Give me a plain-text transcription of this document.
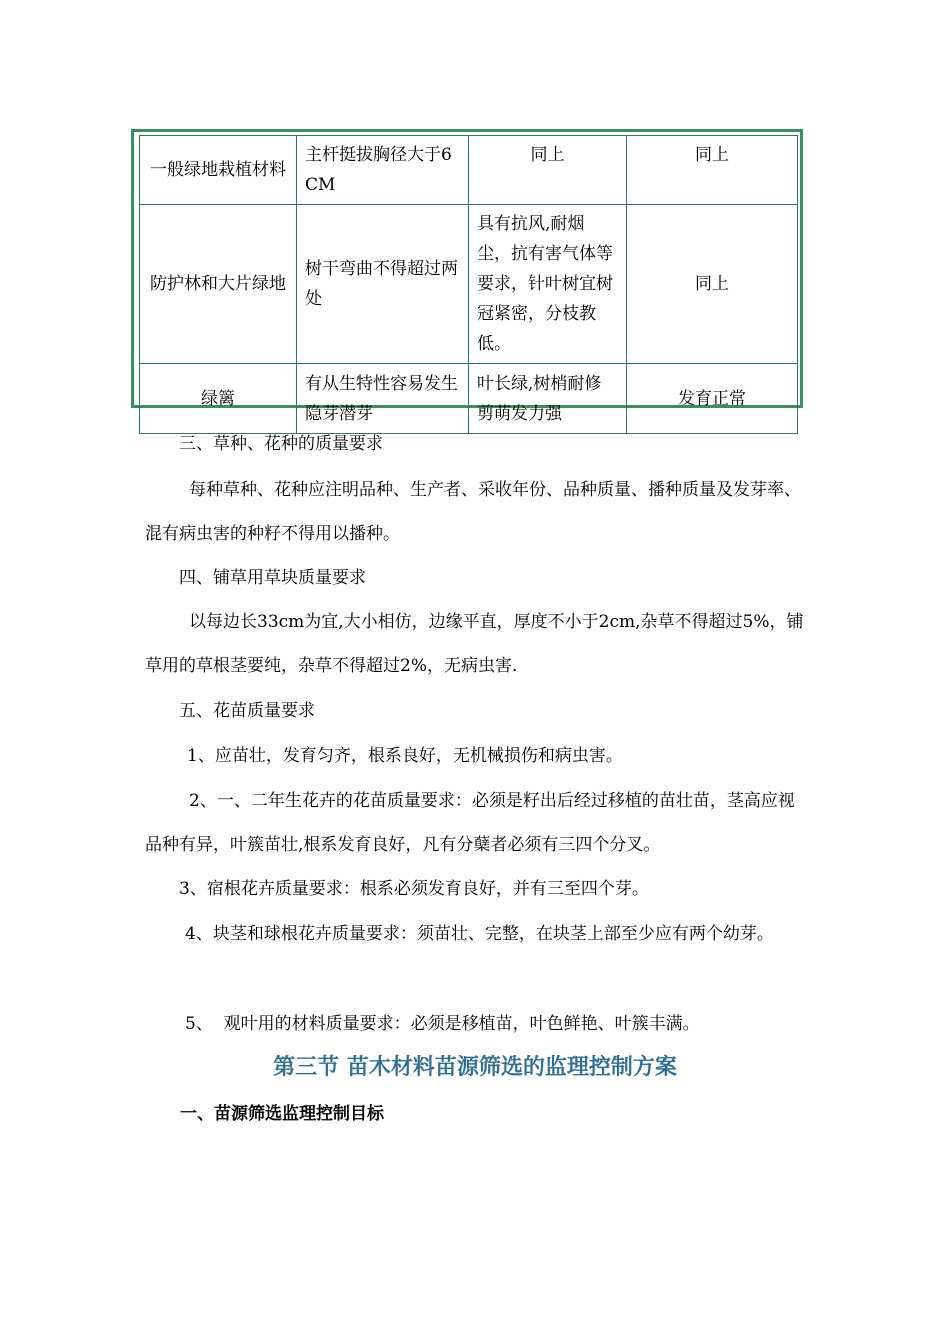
一般绿地栽植材料	主杆挺拔胸径大于6CM	同上	同上
防护林和大片绿地	树干弯曲不得超过两处	具有抗风,耐烟尘，抗有害气体等要求，针叶树宜树冠紧密，分枝教低。	同上
绿篱	有从生特性容易发生隐芽潜芽	叶长绿,树梢耐修剪萌发力强	发育正常

三、草种、花种的质量要求

每种草种、花种应注明品种、生产者、采收年份、品种质量、播种质量及发芽率、混有病虫害的种籽不得用以播种。

四、铺草用草块质量要求

以每边长33cm为宜,大小相仿，边缘平直，厚度不小于2cm,杂草不得超过5%，铺草用的草根茎要纯，杂草不得超过2%，无病虫害.

五、花苗质量要求

1、应苗壮，发育匀齐，根系良好，无机械损伤和病虫害。

2、一、二年生花卉的花苗质量要求：必须是籽出后经过移植的苗壮苗，茎高应视品种有异，叶簇苗壮,根系发育良好，凡有分蘖者必须有三四个分叉。

3、宿根花卉质量要求：根系必须发育良好，并有三至四个芽。

4、块茎和球根花卉质量要求：须苗壮、完整，在块茎上部至少应有两个幼芽。

5、  观叶用的材料质量要求：必须是移植苗，叶色鲜艳、叶簇丰满。

第三节 苗木材料苗源筛选的监理控制方案
一、苗源筛选监理控制目标
